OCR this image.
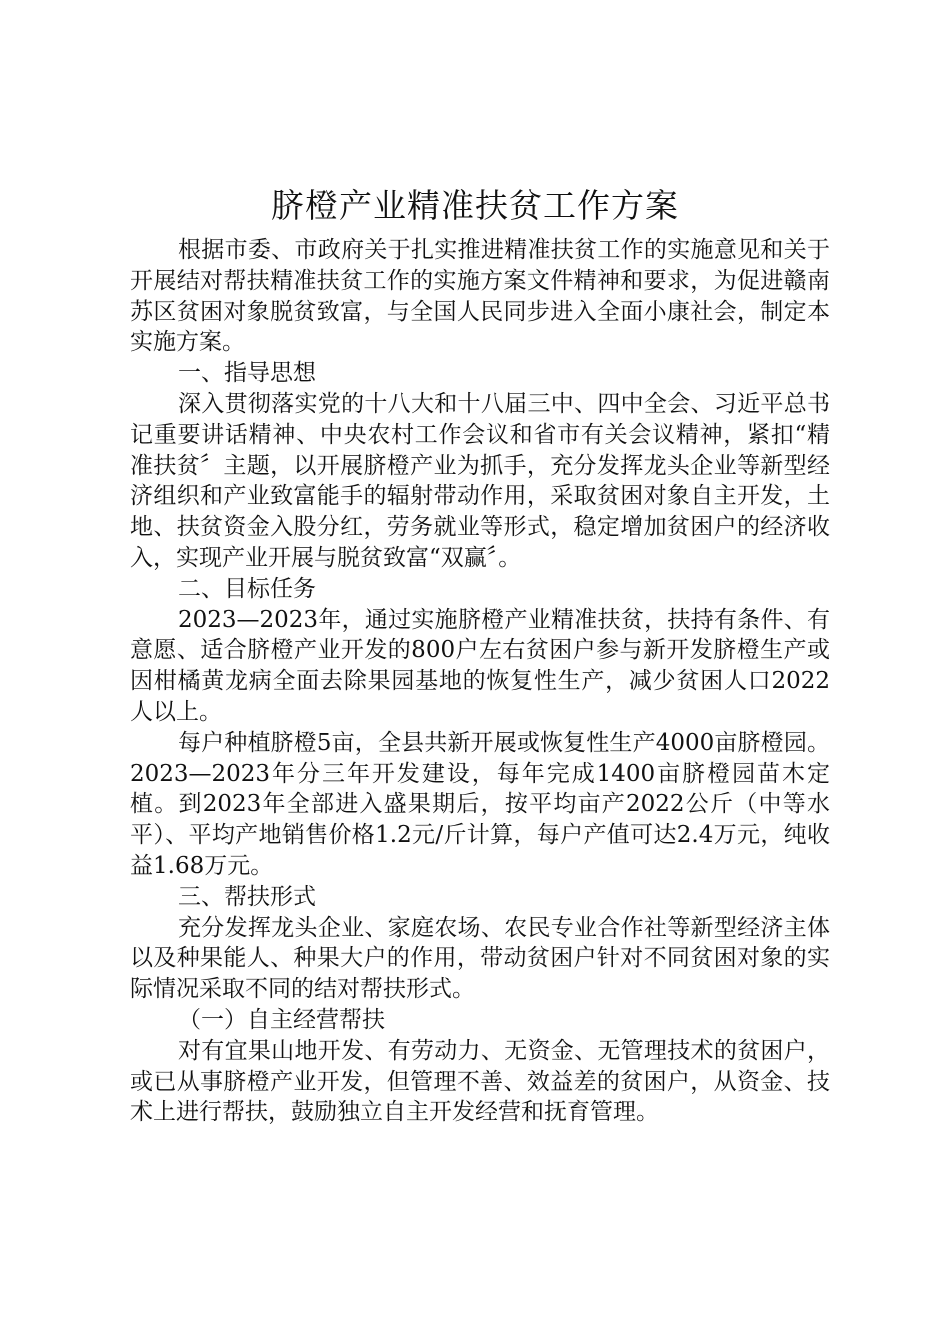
脐橙产业精准扶贫工作方案

根据市委、市政府关于扎实推进精准扶贫工作的实施意见和关于开展结对帮扶精准扶贫工作的实施方案文件精神和要求，为促进赣南苏区贫困对象脱贫致富，与全国人民同步进入全面小康社会，制定本实施方案。

一、指导思想

深入贯彻落实党的十八大和十八届三中、四中全会、习近平总书记重要讲话精神、中央农村工作会议和省市有关会议精神，紧扣“精准扶贫〞主题，以开展脐橙产业为抓手，充分发挥龙头企业等新型经济组织和产业致富能手的辐射带动作用，采取贫困对象自主开发，土地、扶贫资金入股分红，劳务就业等形式，稳定增加贫困户的经济收入，实现产业开展与脱贫致富“双赢〞。

二、目标任务

2023—2023年，通过实施脐橙产业精准扶贫，扶持有条件、有意愿、适合脐橙产业开发的800户左右贫困户参与新开发脐橙生产或因柑橘黄龙病全面去除果园基地的恢复性生产，减少贫困人口2022人以上。

每户种植脐橙5亩，全县共新开展或恢复性生产4000亩脐橙园。2023—2023年分三年开发建设，每年完成1400亩脐橙园苗木定植。到2023年全部进入盛果期后，按平均亩产2022公斤（中等水平）、平均产地销售价格1.2元/斤计算，每户产值可达2.4万元，纯收益1.68万元。

三、帮扶形式

充分发挥龙头企业、家庭农场、农民专业合作社等新型经济主体以及种果能人、种果大户的作用，带动贫困户针对不同贫困对象的实际情况采取不同的结对帮扶形式。

（一）自主经营帮扶

对有宜果山地开发、有劳动力、无资金、无管理技术的贫困户，或已从事脐橙产业开发，但管理不善、效益差的贫困户，从资金、技术上进行帮扶，鼓励独立自主开发经营和抚育管理。
